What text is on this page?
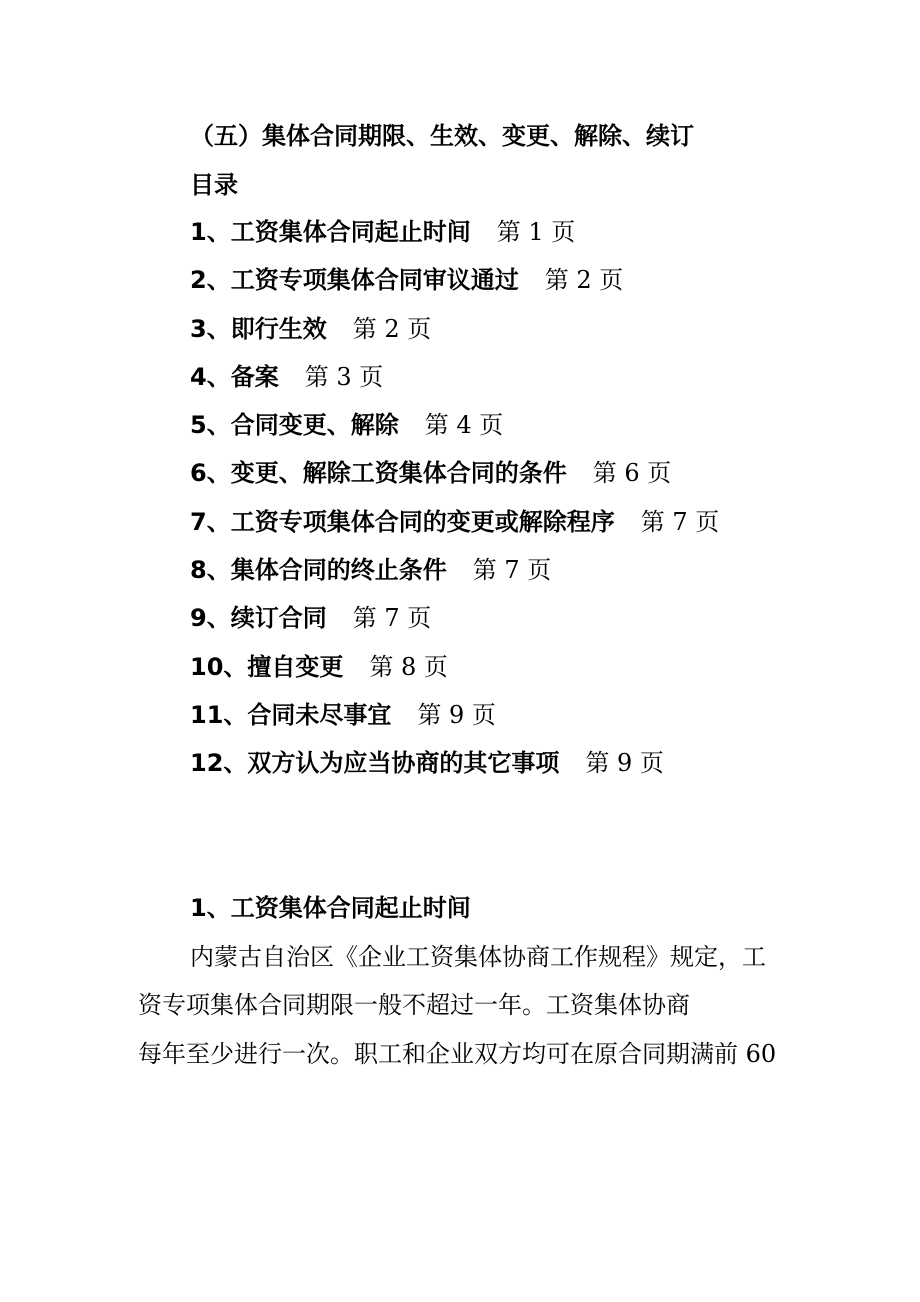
（五）集体合同期限、生效、变更、解除、续订
目录
1、工资集体合同起止时间 第 1 页
2、工资专项集体合同审议通过 第 2 页
3、即行生效 第 2 页
4、备案 第 3 页
5、合同变更、解除 第 4 页
6、变更、解除工资集体合同的条件 第 6 页
7、工资专项集体合同的变更或解除程序 第 7 页
8、集体合同的终止条件 第 7 页
9、续订合同 第 7 页
10、擅自变更 第 8 页
11、合同未尽事宜 第 9 页
12、双方认为应当协商的其它事项 第 9 页
1、工资集体合同起止时间
内蒙古自治区《企业工资集体协商工作规程》规定，工
资专项集体合同期限一般不超过一年。工资集体协商
每年至少进行一次。职工和企业双方均可在原合同期满前 60
